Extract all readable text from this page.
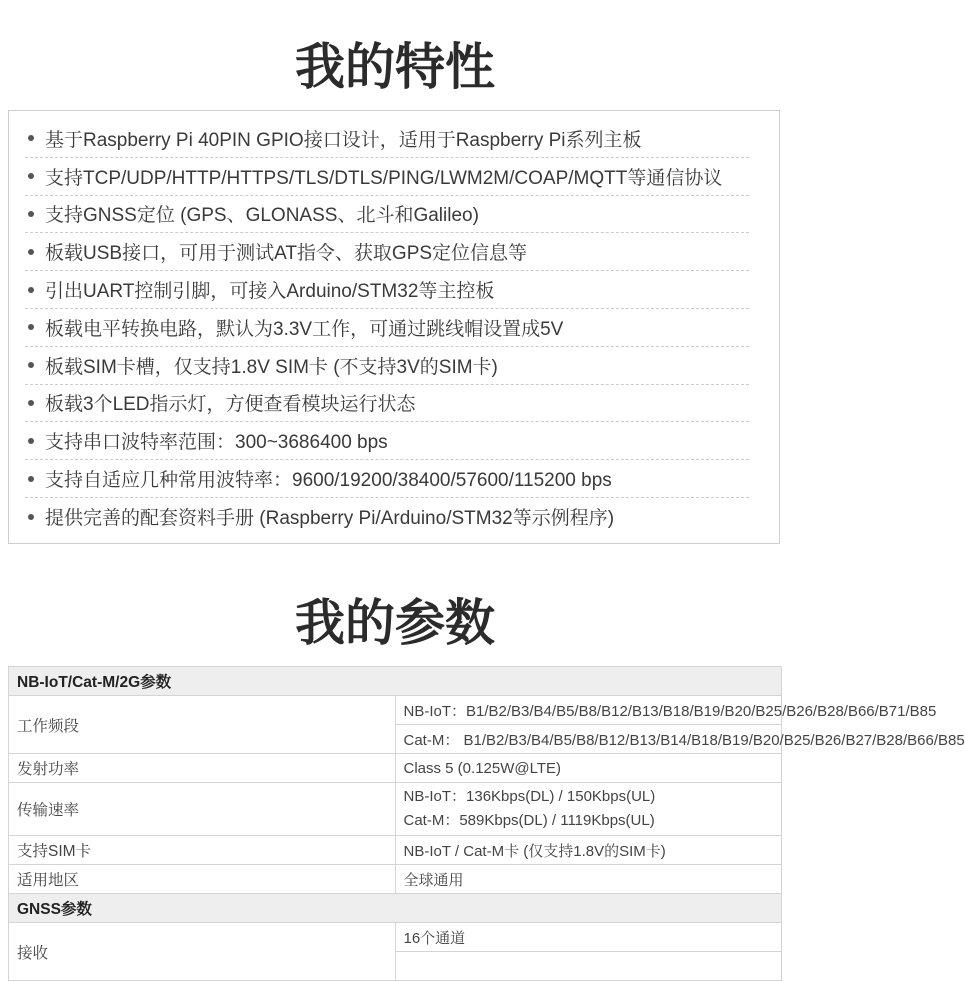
我的特性
基于Raspberry Pi 40PIN GPIO接口设计，适用于Raspberry Pi系列主板
支持TCP/UDP/HTTP/HTTPS/TLS/DTLS/PING/LWM2M/COAP/MQTT等通信协议
支持GNSS定位 (GPS、GLONASS、北斗和Galileo)
板载USB接口，可用于测试AT指令、获取GPS定位信息等
引出UART控制引脚，可接入Arduino/STM32等主控板
板载电平转换电路，默认为3.3V工作，可通过跳线帽设置成5V
板载SIM卡槽，仅支持1.8V SIM卡 (不支持3V的SIM卡)
板载3个LED指示灯，方便查看模块运行状态
支持串口波特率范围：300~3686400 bps
支持自适应几种常用波特率：9600/19200/38400/57600/115200 bps
提供完善的配套资料手册 (Raspberry Pi/Arduino/STM32等示例程序)
我的参数
NB-IoT/Cat-M/2G参数	
工作频段	NB-IoT：B1/B2/B3/B4/B5/B8/B12/B13/B18/B19/B20/B25/B26/B28/B66/B71/B85
	Cat-M： B1/B2/B3/B4/B5/B8/B12/B13/B14/B18/B19/B20/B25/B26/B27/B28/B66/B85
发射功率	Class 5 (0.125W@LTE)
传输速率	NB-IoT：136Kbps(DL) / 150Kbps(UL)
Cat-M：589Kbps(DL) / 1119Kbps(UL)

支持SIM卡	NB-IoT / Cat-M卡 (仅支持1.8V的SIM卡)
适用地区	全球通用
GNSS参数	
接收	16个通道
